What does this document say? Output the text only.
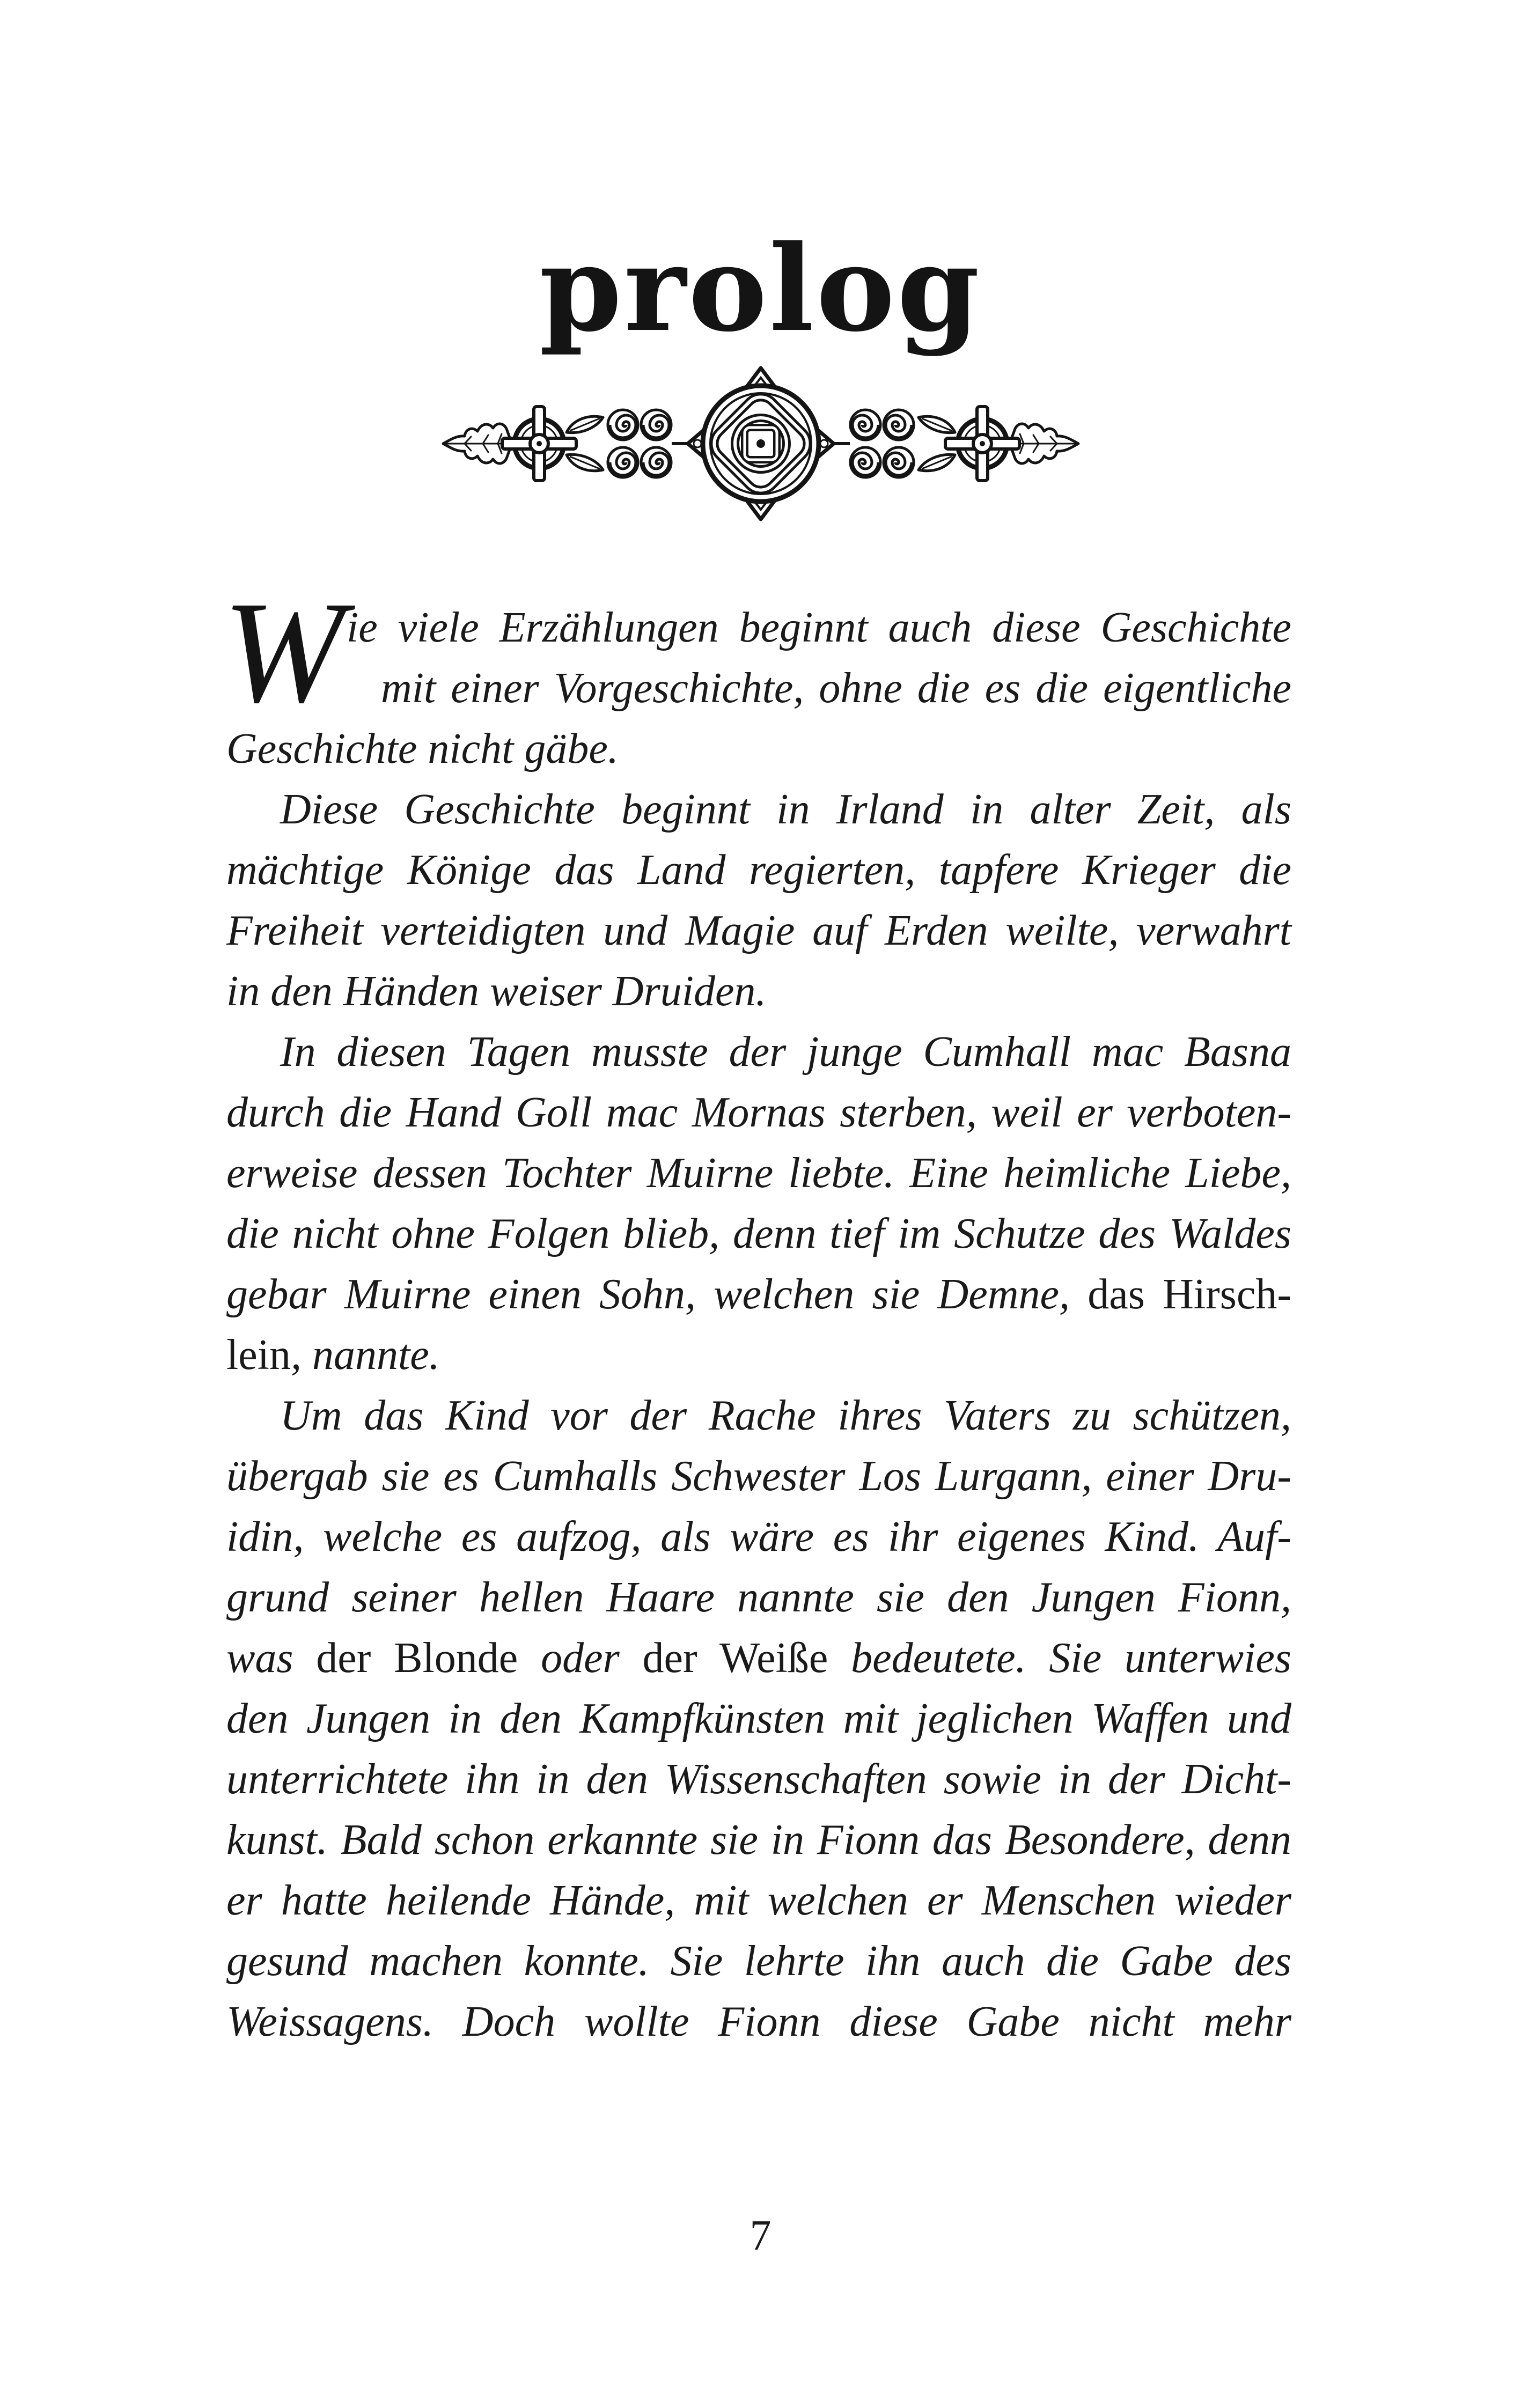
prolog
W ie viele Erzählungen beginnt auch diese Geschichte
mit einer Vorgeschichte, ohne die es die eigentliche
Geschichte nicht gäbe.
Diese Geschichte beginnt in Irland in alter Zeit, als
mächtige Könige das Land regierten, tapfere Krieger die
Freiheit verteidigten und Magie auf Erden weilte, verwahrt
in den Händen weiser Druiden.
In diesen Tagen musste der junge Cumhall mac Basna
durch die Hand Goll mac Mornas sterben, weil er verboten-
erweise dessen Tochter Muirne liebte. Eine heimliche Liebe,
die nicht ohne Folgen blieb, denn tief im Schutze des Waldes
gebar Muirne einen Sohn, welchen sie Demne, das Hirsch-
lein, nannte.
Um das Kind vor der Rache ihres Vaters zu schützen,
übergab sie es Cumhalls Schwester Los Lurgann, einer Dru-
idin, welche es aufzog, als wäre es ihr eigenes Kind. Auf-
grund seiner hellen Haare nannte sie den Jungen Fionn,
was der Blonde oder der Weiße bedeutete. Sie unterwies
den Jungen in den Kampfkünsten mit jeglichen Waffen und
unterrichtete ihn in den Wissenschaften sowie in der Dicht-
kunst. Bald schon erkannte sie in Fionn das Besondere, denn
er hatte heilende Hände, mit welchen er Menschen wieder
gesund machen konnte. Sie lehrte ihn auch die Gabe des
Weissagens. Doch wollte Fionn diese Gabe nicht mehr
7
